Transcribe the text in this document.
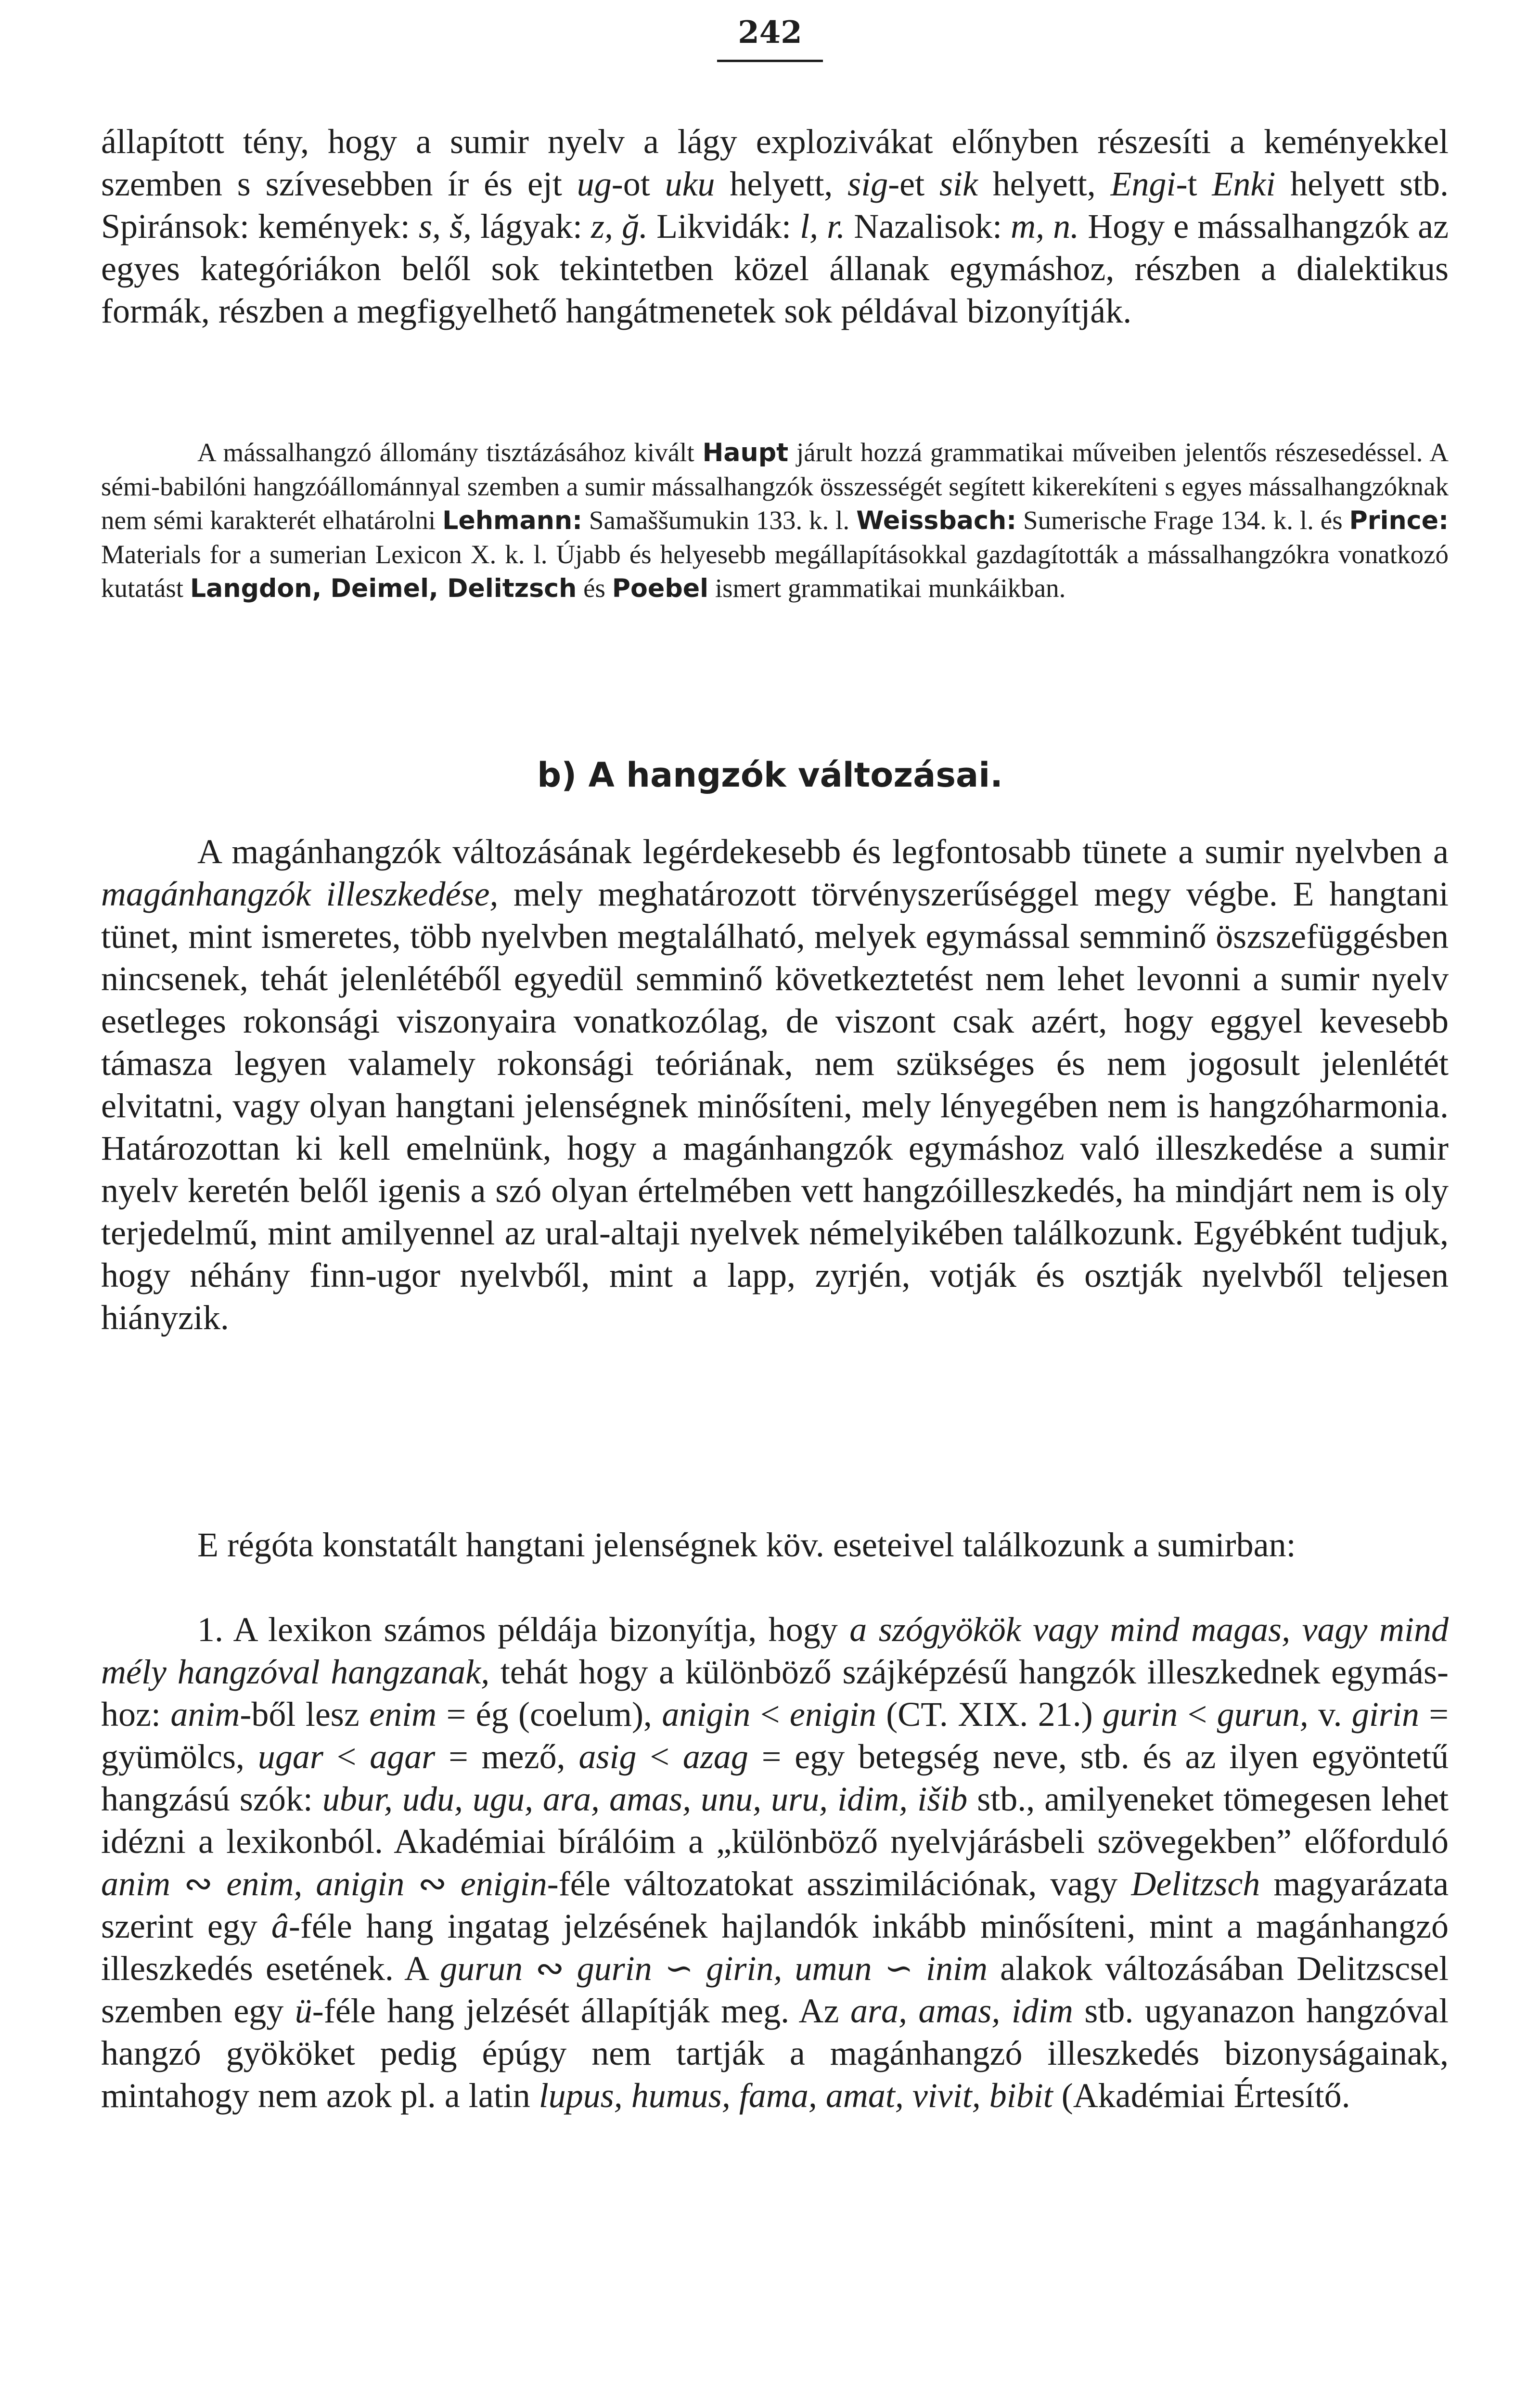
242

állapított tény, hogy a sumir nyelv a lágy explozivákat előnyben részesíti a keményekkel szemben s szívesebben ír és ejt ug-ot uku helyett, sig-et sik helyett, Engi-t Enki helyett stb. Spiránsok: kemények: s, š, lágyak: z, ğ. Likvidák: l, r. Nazalisok: m, n. Hogy e mássalhangzók az egyes kategóriákon belől sok tekintetben közel állanak egymáshoz, részben a dialektikus formák, részben a megfigyelhető hangátmenetek sok példával bizonyítják.

A mássalhangzó állomány tisztázásához kivált Haupt járult hozzá grammatikai műveiben jelentős részesedéssel. A sémi-babilóni hangzóállománnyal szemben a sumir mássalhangzók összességét segített kikerekíteni s egyes mássalhangzóknak nem sémi karakterét elhatárolni Lehmann: Samaššumukin 133. k. l. Weissbach: Sumerische Frage 134. k. l. és Prince: Materials for a sumerian Lexicon X. k. l. Újabb és helyesebb megállapításokkal gazdagították a mássalhangzókra vonatkozó kutatást Langdon, Deimel, Delitzsch és Poebel ismert grammatikai munkáikban.

b) A hangzók változásai.

A magánhangzók változásának legérdekesebb és legfontosabb tünete a sumir nyelvben a magánhangzók illeszkedése, mely meghatározott törvényszerűséggel megy végbe. E hangtani tünet, mint ismeretes, több nyelvben megtalálható, melyek egymással semminő öszszefüggésben nincsenek, tehát jelenlétéből egyedül semminő következtetést nem lehet levonni a sumir nyelv esetleges rokonsági viszonyaira vonatkozólag, de viszont csak azért, hogy eggyel kevesebb támasza legyen valamely rokonsági teóriának, nem szükséges és nem jogosult jelenlétét elvitatni, vagy olyan hangtani jelenségnek minősíteni, mely lényegében nem is hangzóharmonia. Határozottan ki kell emelnünk, hogy a magánhangzók egymáshoz való illeszkedése a sumir nyelv keretén belől igenis a szó olyan értelmében vett hangzóilleszkedés, ha mindjárt nem is oly terjedelmű, mint amilyennel az ural-altaji nyelvek némelyikében találkozunk. Egyébként tudjuk, hogy néhány finn-ugor nyelvből, mint a lapp, zyrjén, votják és osztják nyelvből teljesen hiányzik.

E régóta konstatált hangtani jelenségnek köv. eseteivel találkozunk a sumirban:

1. A lexikon számos példája bizonyítja, hogy a szógyökök vagy mind magas, vagy mind mély hangzóval hangzanak, tehát hogy a különböző szájképzésű hangzók illeszkednek egymáshoz: anim-ből lesz enim = ég (coelum), anigin < enigin (CT. XIX. 21.) gurin < gurun, v. girin = gyümölcs, ugar < agar = mező, asig < azag = egy betegség neve, stb. és az ilyen egyöntetű hangzású szók: ubur, udu, ugu, ara, amas, unu, uru, idim, išib stb., amilyeneket tömegesen lehet idézni a lexikonból. Akadémiai bírálóim a „különböző nyelvjárásbeli szövegekben” előforduló anim ∾ enim, anigin ∾ enigin-féle változatokat asszimilációnak, vagy Delitzsch magyarázata szerint egy â-féle hang ingatag jelzésének hajlandók inkább minősíteni, mint a magánhangzó illeszkedés esetének. A gurun ∾ gurin ∽ girin, umun ∽ inim alakok változásában Delitzscsel szemben egy ü-féle hang jelzését állapítják meg. Az ara, amas, idim stb. ugyanazon hangzóval hangzó gyököket pedig épúgy nem tartják a magánhangzó illeszkedés bizonyságainak, mintahogy nem azok pl. a latin lupus, humus, fama, amat, vivit, bibit (Akadémiai Értesítő.
